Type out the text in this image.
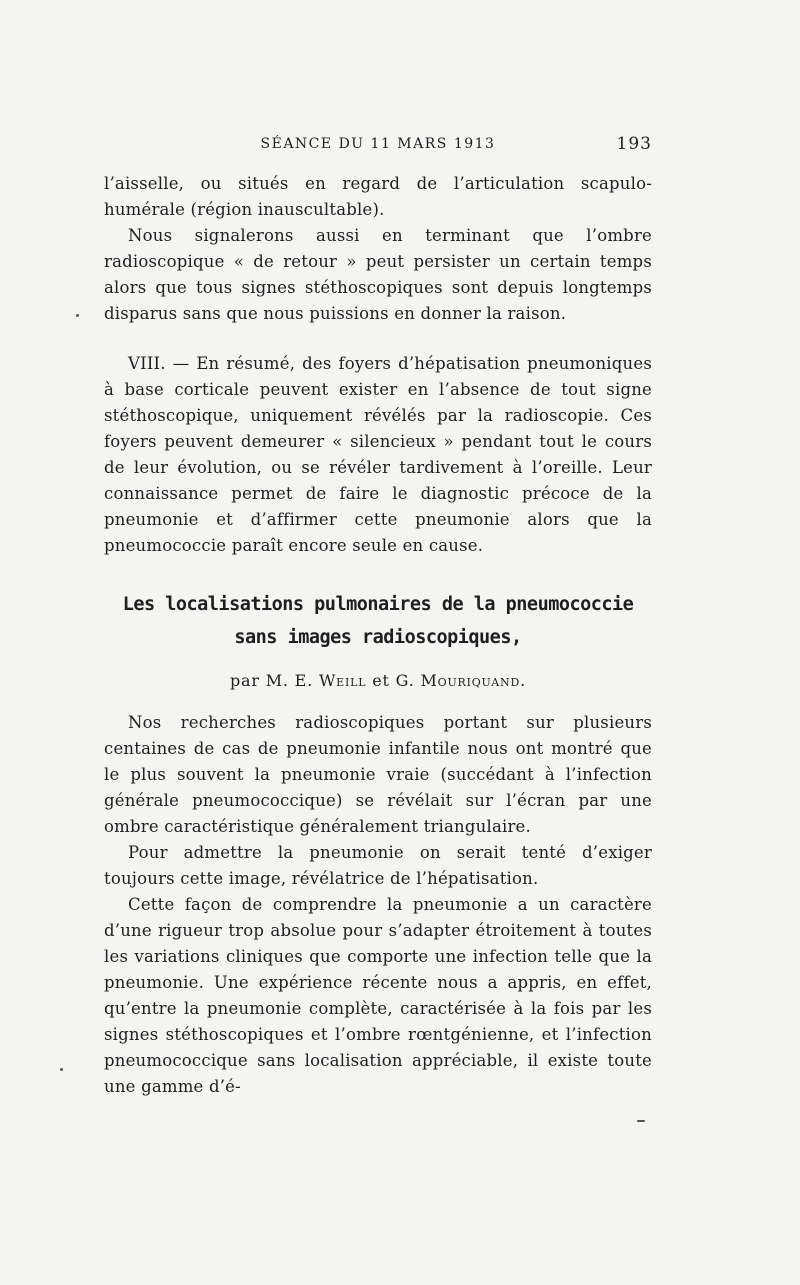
SÉANCE DU 11 MARS 1913	193

l’aisselle, ou situés en regard de l’articulation scapulo-humérale (région inauscultable).

Nous signalerons aussi en terminant que l’ombre radioscopique « de retour » peut persister un certain temps alors que tous signes stéthoscopiques sont depuis longtemps disparus sans que nous puissions en donner la raison.

VIII. — En résumé, des foyers d’hépatisation pneumoniques à base corticale peuvent exister en l’absence de tout signe stéthoscopique, uniquement révélés par la radioscopie. Ces foyers peuvent demeurer « silencieux » pendant tout le cours de leur évolution, ou se révéler tardivement à l’oreille. Leur connaissance permet de faire le diagnostic précoce de la pneumonie et d’affirmer cette pneumonie alors que la pneumococcie paraît encore seule en cause.

Les localisations pulmonaires de la pneumococcie
sans images radioscopiques,
par M. E. Weill et G. Mouriquand.

Nos recherches radioscopiques portant sur plusieurs centaines de cas de pneumonie infantile nous ont montré que le plus souvent la pneumonie vraie (succédant à l’infection générale pneumococcique) se révélait sur l’écran par une ombre caractéristique généralement triangulaire.

Pour admettre la pneumonie on serait tenté d’exiger toujours cette image, révélatrice de l’hépatisation.

Cette façon de comprendre la pneumonie a un caractère d’une rigueur trop absolue pour s’adapter étroitement à toutes les variations cliniques que comporte une infection telle que la pneumonie. Une expérience récente nous a appris, en effet, qu’entre la pneumonie complète, caractérisée à la fois par les signes stéthoscopiques et l’ombre rœntgénienne, et l’infection pneumococcique sans localisation appréciable, il existe toute une gamme d’é-
